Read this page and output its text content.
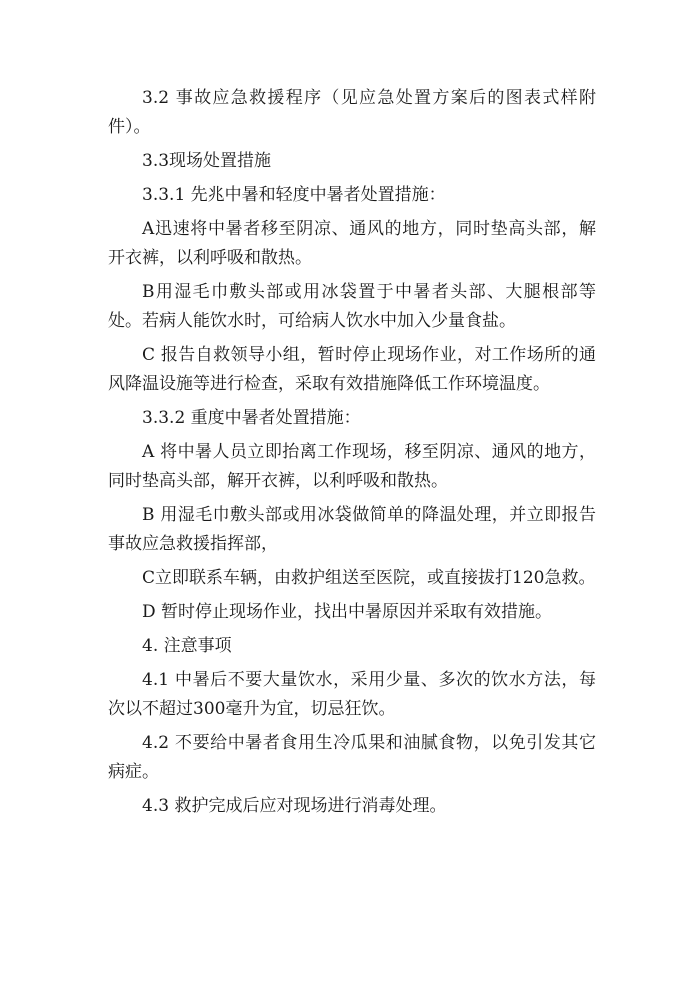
3.2 事故应急救援程序（见应急处置方案后的图表式样附件）。

3.3现场处置措施

3.3.1 先兆中暑和轻度中暑者处置措施：

A迅速将中暑者移至阴凉、通风的地方，同时垫高头部，解开衣裤，以利呼吸和散热。

B用湿毛巾敷头部或用冰袋置于中暑者头部、大腿根部等处。若病人能饮水时，可给病人饮水中加入少量食盐。

C 报告自救领导小组，暂时停止现场作业，对工作场所的通风降温设施等进行检查，采取有效措施降低工作环境温度。

3.3.2 重度中暑者处置措施：

A 将中暑人员立即抬离工作现场，移至阴凉、通风的地方，同时垫高头部，解开衣裤，以利呼吸和散热。

B 用湿毛巾敷头部或用冰袋做简单的降温处理，并立即报告事故应急救援指挥部，

C立即联系车辆，由救护组送至医院，或直接拔打120急救。

D 暂时停止现场作业，找出中暑原因并采取有效措施。

4. 注意事项

4.1 中暑后不要大量饮水，采用少量、多次的饮水方法，每次以不超过300毫升为宜，切忌狂饮。

4.2 不要给中暑者食用生冷瓜果和油腻食物，以免引发其它病症。

4.3 救护完成后应对现场进行消毒处理。
